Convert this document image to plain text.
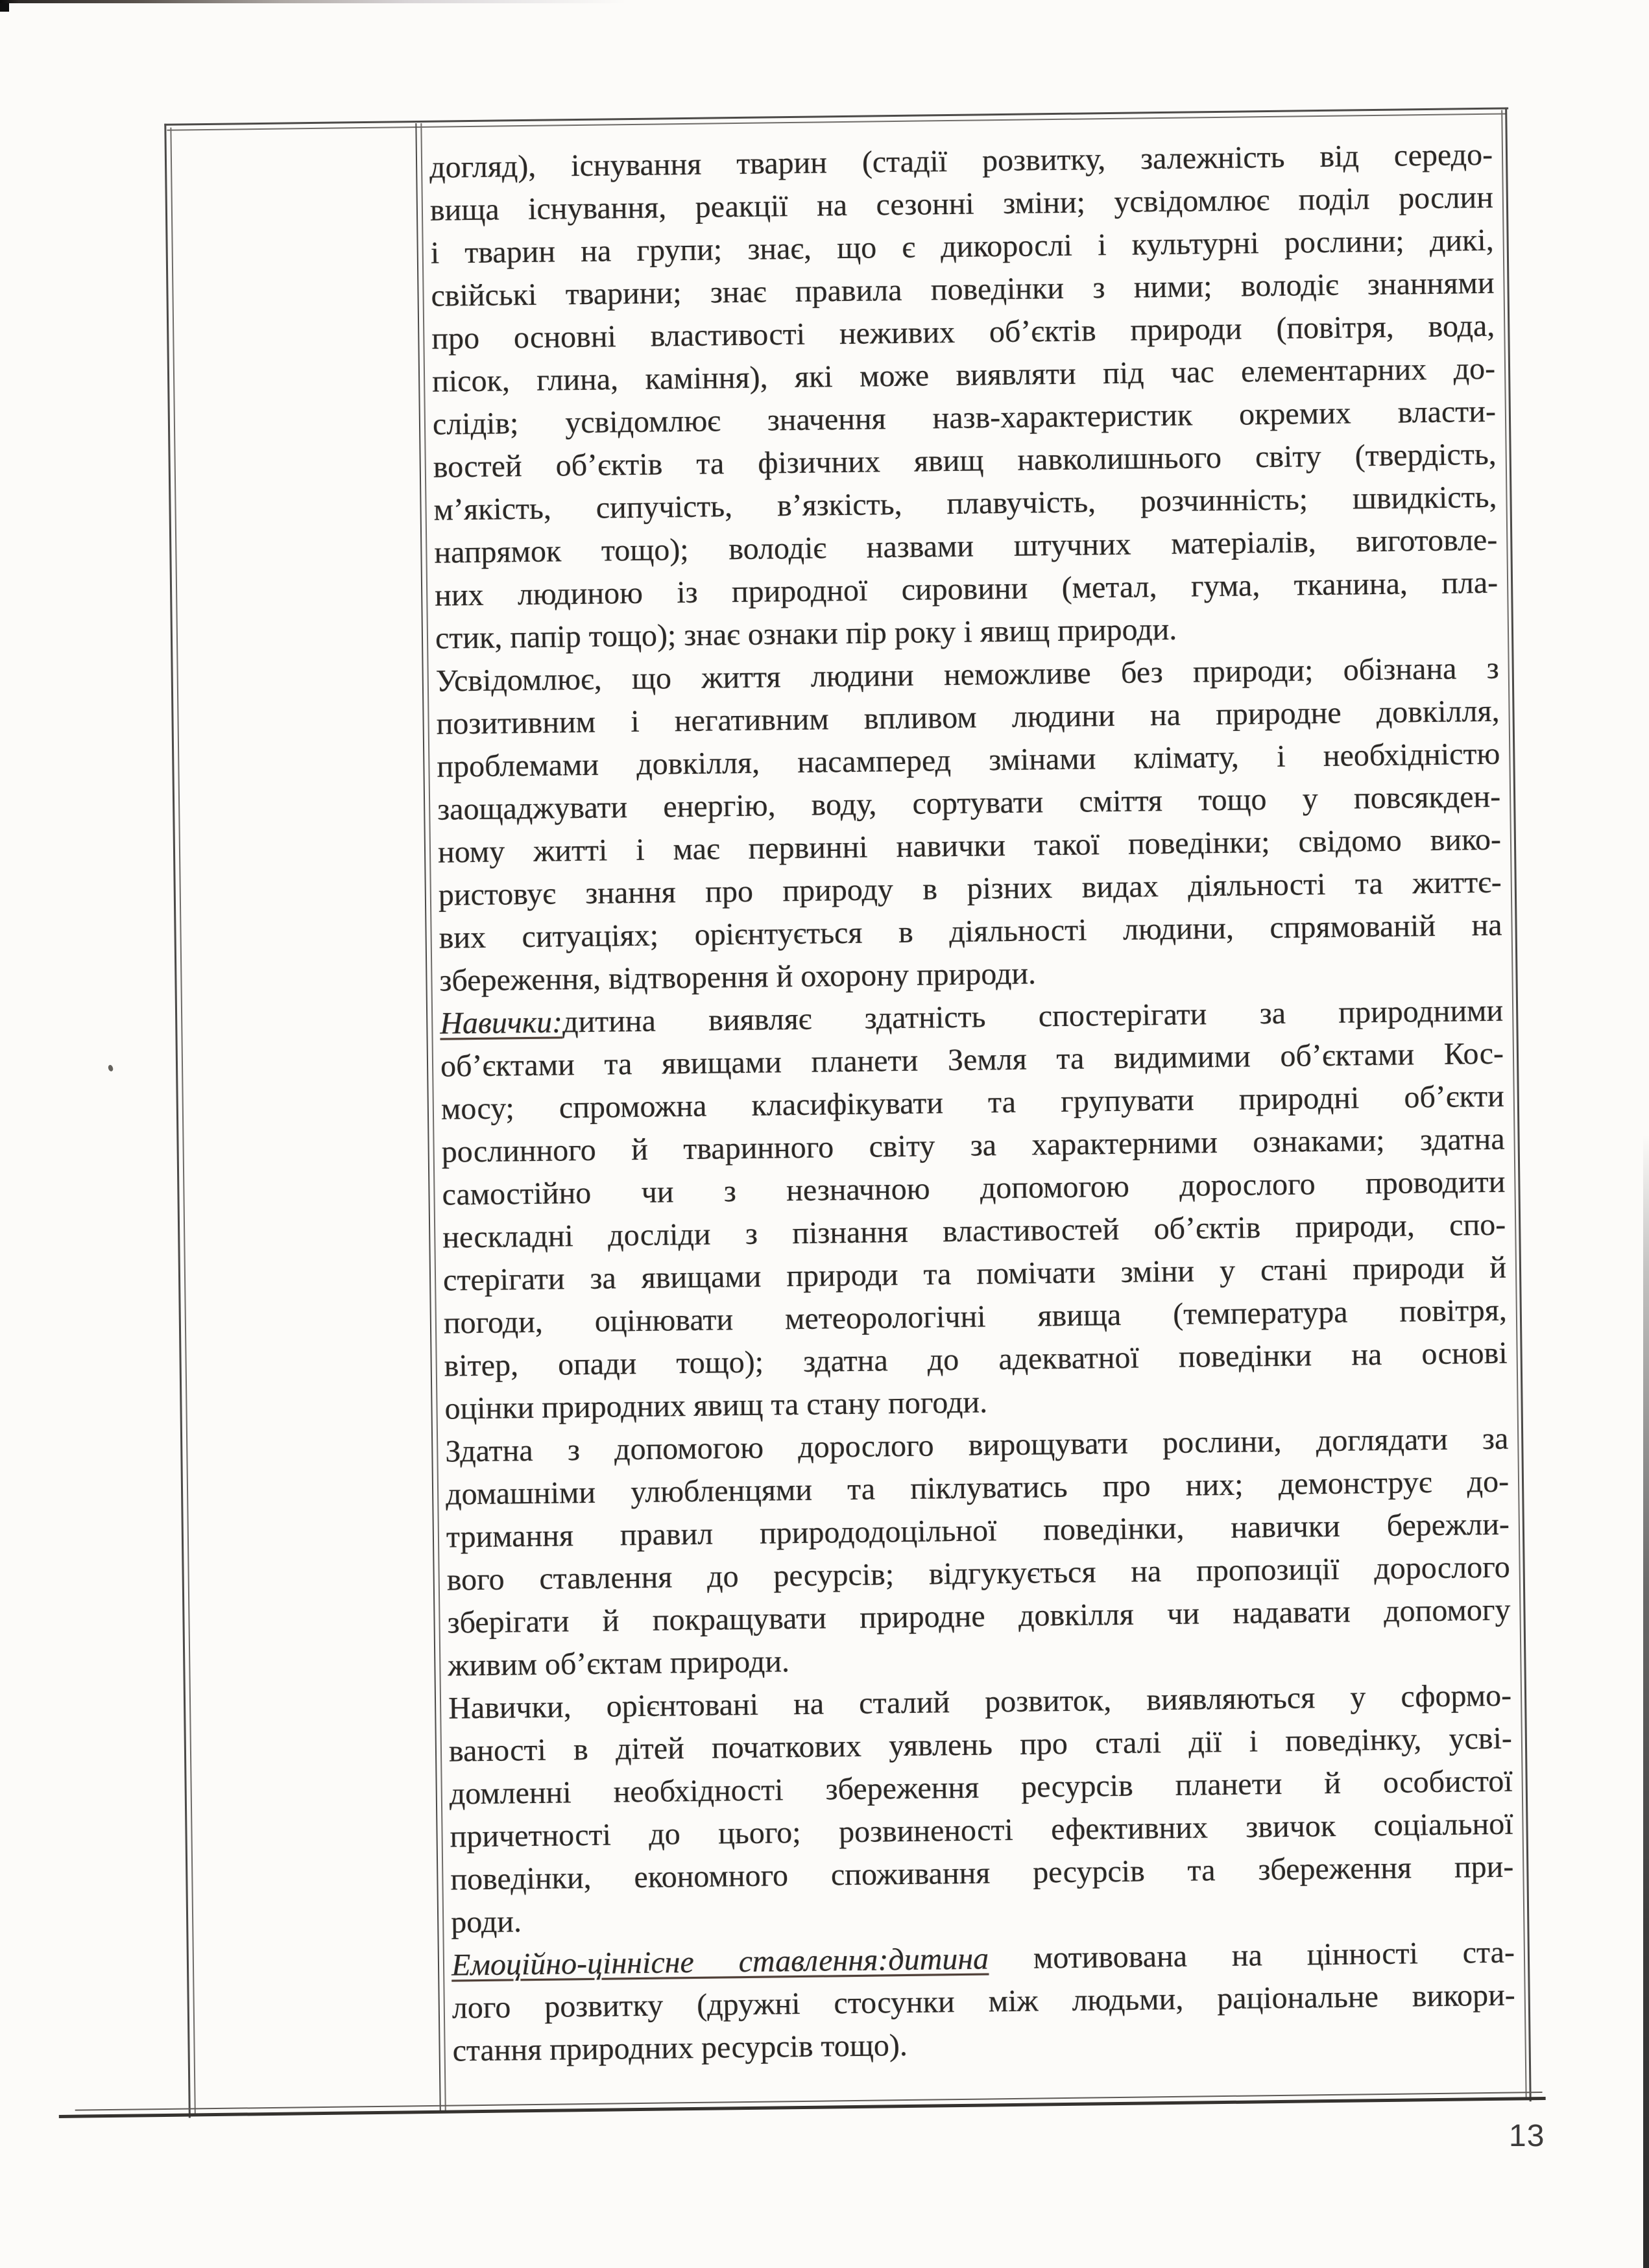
догляд), існування тварин (стадії розвитку, залежність від середо-
вища існування, реакції на сезонні зміни; усвідомлює поділ рослин
і тварин на групи; знає, що є дикорослі і культурні рослини; дикі,
свійські тварини; знає правила поведінки з ними; володіє знаннями
про основні властивості неживих об’єктів природи (повітря, вода,
пісок, глина, каміння), які може виявляти під час елементарних до-
слідів; усвідомлює значення назв-характеристик окремих власти-
востей об’єктів та фізичних явищ навколишнього світу (твердість,
м’якість, сипучість, в’язкість, плавучість, розчинність; швидкість,
напрямок тощо); володіє назвами штучних матеріалів, виготовле-
них людиною із природної сировини (метал, гума, тканина, пла-
стик, папір тощо); знає ознаки пір року і явищ природи.
Усвідомлює, що життя людини неможливе без природи; обізнана з
позитивним і негативним впливом людини на природне довкілля,
проблемами довкілля, насамперед змінами клімату, і необхідністю
заощаджувати енергію, воду, сортувати сміття тощо у повсякден-
ному житті і має первинні навички такої поведінки; свідомо вико-
ристовує знання про природу в різних видах діяльності та життє-
вих ситуаціях; орієнтується в діяльності людини, спрямованій на
збереження, відтворення й охорону природи.
Навички:дитина виявляє здатність спостерігати за природними
об’єктами та явищами планети Земля та видимими об’єктами Кос-
мосу; спроможна класифікувати та групувати природні об’єкти
рослинного й тваринного світу за характерними ознаками; здатна
самостійно чи з незначною допомогою дорослого проводити
нескладні досліди з пізнання властивостей об’єктів природи, спо-
стерігати за явищами природи та помічати зміни у стані природи й
погоди, оцінювати метеорологічні явища (температура повітря,
вітер, опади тощо); здатна до адекватної поведінки на основі
оцінки природних явищ та стану погоди.
Здатна з допомогою дорослого вирощувати рослини, доглядати за
домашніми улюбленцями та піклуватись про них; демонструє до-
тримання правил природодоцільної поведінки, навички бережли-
вого ставлення до ресурсів; відгукується на пропозиції дорослого
зберігати й покращувати природне довкілля чи надавати допомогу
живим об’єктам природи.
Навички, орієнтовані на сталий розвиток, виявляються у сформо-
ваності в дітей початкових уявлень про сталі дії і поведінку, усві-
домленні необхідності збереження ресурсів планети й особистої
причетності до цього; розвиненості ефективних звичок соціальної
поведінки, економного споживання ресурсів та збереження при-
роди.
Емоційно-ціннісне ставлення:дитина мотивована на цінності ста-
лого розвитку (дружні стосунки між людьми, раціональне викори-
стання природних ресурсів тощо).
13
